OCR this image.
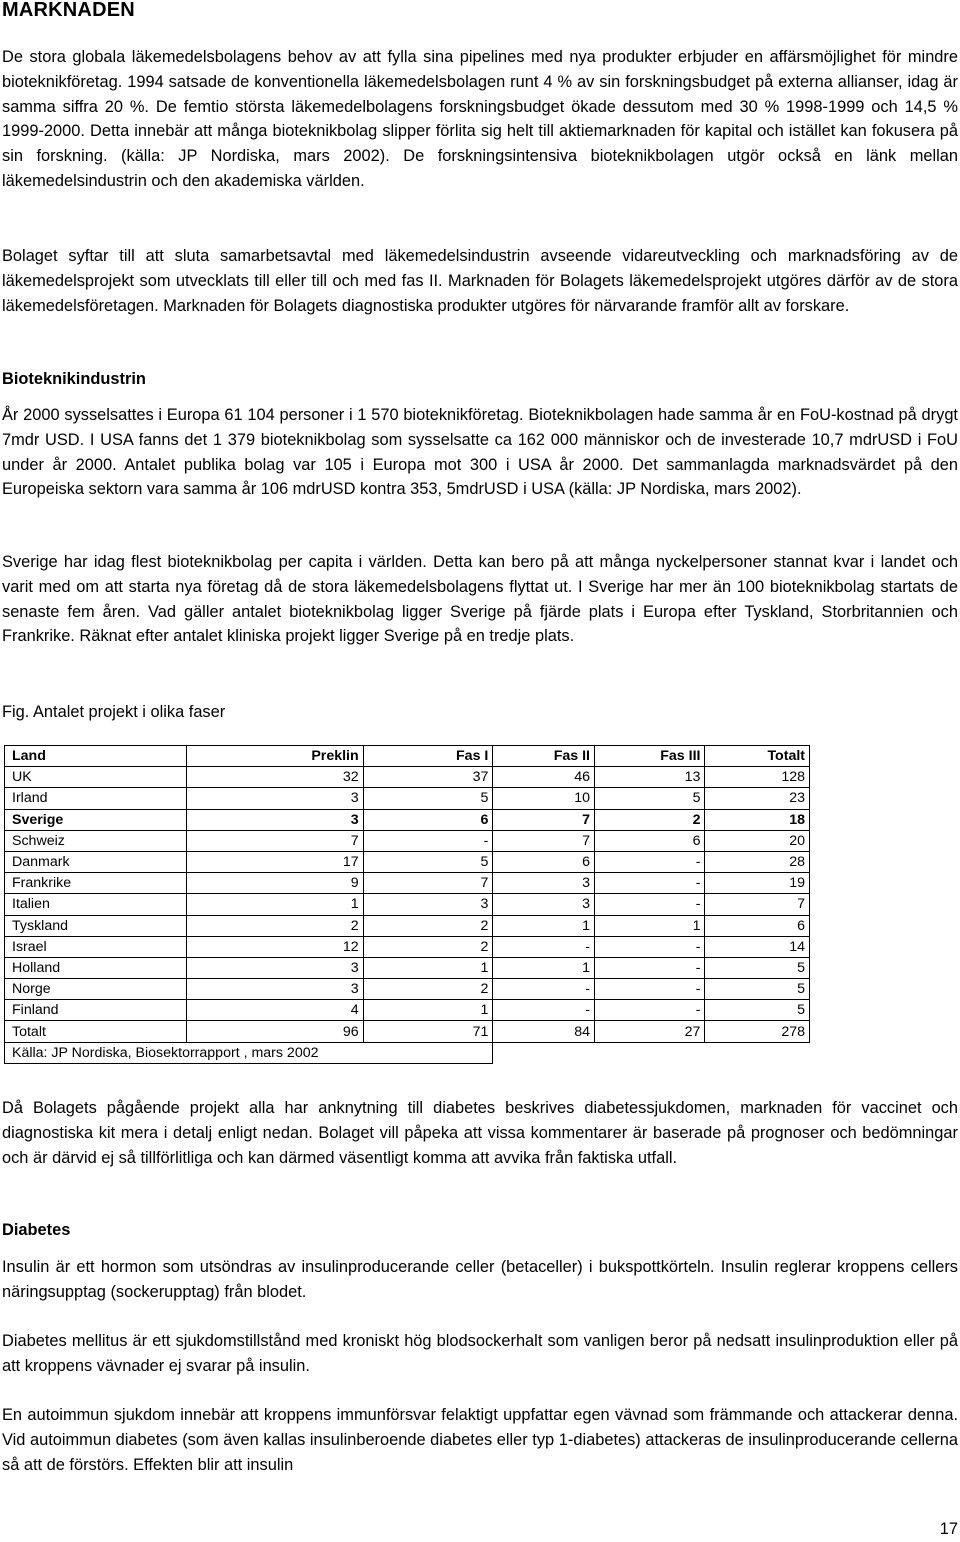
MARKNADEN

De stora globala läkemedelsbolagens behov av att fylla sina pipelines med nya produkter erbjuder en affärsmöjlighet för mindre bioteknikföretag. 1994 satsade de konventionella läkemedelsbolagen runt 4 % av sin forskningsbudget på externa allianser, idag är samma siffra 20 %. De femtio största läkemedelbolagens forskningsbudget ökade dessutom med 30 % 1998-1999 och 14,5 % 1999-2000. Detta innebär att många bioteknikbolag slipper förlita sig helt till aktiemarknaden för kapital och istället kan fokusera på sin forskning. (källa: JP Nordiska, mars 2002). De forskningsintensiva bioteknikbolagen utgör också en länk mellan läkemedelsindustrin och den akademiska världen.

Bolaget syftar till att sluta samarbetsavtal med läkemedelsindustrin avseende vidareutveckling och marknadsföring av de läkemedelsprojekt som utvecklats till eller till och med fas II. Marknaden för Bolagets läkemedelsprojekt utgöres därför av de stora läkemedelsföretagen. Marknaden för Bolagets diagnostiska produkter utgöres för närvarande framför allt av forskare.

Bioteknikindustrin

År 2000 sysselsattes i Europa 61 104 personer i 1 570 bioteknikföretag. Bioteknikbolagen hade samma år en FoU-kostnad på drygt 7mdr USD. I USA fanns det 1 379 bioteknikbolag som sysselsatte ca 162 000 människor och de investerade 10,7 mdrUSD i FoU under år 2000. Antalet publika bolag var 105 i Europa mot 300 i USA år 2000. Det sammanlagda marknadsvärdet på den Europeiska sektorn vara samma år 106 mdrUSD kontra 353, 5mdrUSD i USA (källa: JP Nordiska, mars 2002).

Sverige har idag flest bioteknikbolag per capita i världen. Detta kan bero på att många nyckelpersoner stannat kvar i landet och varit med om att starta nya företag då de stora läkemedelsbolagens flyttat ut. I Sverige har mer än 100 bioteknikbolag startats de senaste fem åren. Vad gäller antalet bioteknikbolag ligger Sverige på fjärde plats i Europa efter Tyskland, Storbritannien och Frankrike. Räknat efter antalet kliniska projekt ligger Sverige på en tredje plats.

Fig. Antalet projekt i olika faser

Land	Preklin	Fas I	Fas II	Fas III	Totalt
UK	32	37	46	13	128
Irland	3	5	10	5	23
Sverige	3	6	7	2	18
Schweiz	7	-	7	6	20
Danmark	17	5	6	-	28
Frankrike	9	7	3	-	19
Italien	1	3	3	-	7
Tyskland	2	2	1	1	6
Israel	12	2	-	-	14
Holland	3	1	1	-	5
Norge	3	2	-	-	5
Finland	4	1	-	-	5
Totalt	96	71	84	27	278
Källa: JP Nordiska, Biosektorrapport , mars 2002					

Då Bolagets pågående projekt alla har anknytning till diabetes beskrives diabetessjukdomen, marknaden för vaccinet och diagnostiska kit mera i detalj enligt nedan. Bolaget vill påpeka att vissa kommentarer är baserade på prognoser och bedömningar och är därvid ej så tillförlitliga och kan därmed väsentligt komma att avvika från faktiska utfall.

Diabetes

Insulin är ett hormon som utsöndras av insulinproducerande celler (betaceller) i bukspottkörteln. Insulin reglerar kroppens cellers näringsupptag (sockerupptag) från blodet.

Diabetes mellitus är ett sjukdomstillstånd med kroniskt hög blodsockerhalt som vanligen beror på nedsatt insulinproduktion eller på att kroppens vävnader ej svarar på insulin.

En autoimmun sjukdom innebär att kroppens immunförsvar felaktigt uppfattar egen vävnad som främmande och attackerar denna. Vid autoimmun diabetes (som även kallas insulinberoende diabetes eller typ 1-diabetes) attackeras de insulinproducerande cellerna så att de förstörs. Effekten blir att insulin

17
